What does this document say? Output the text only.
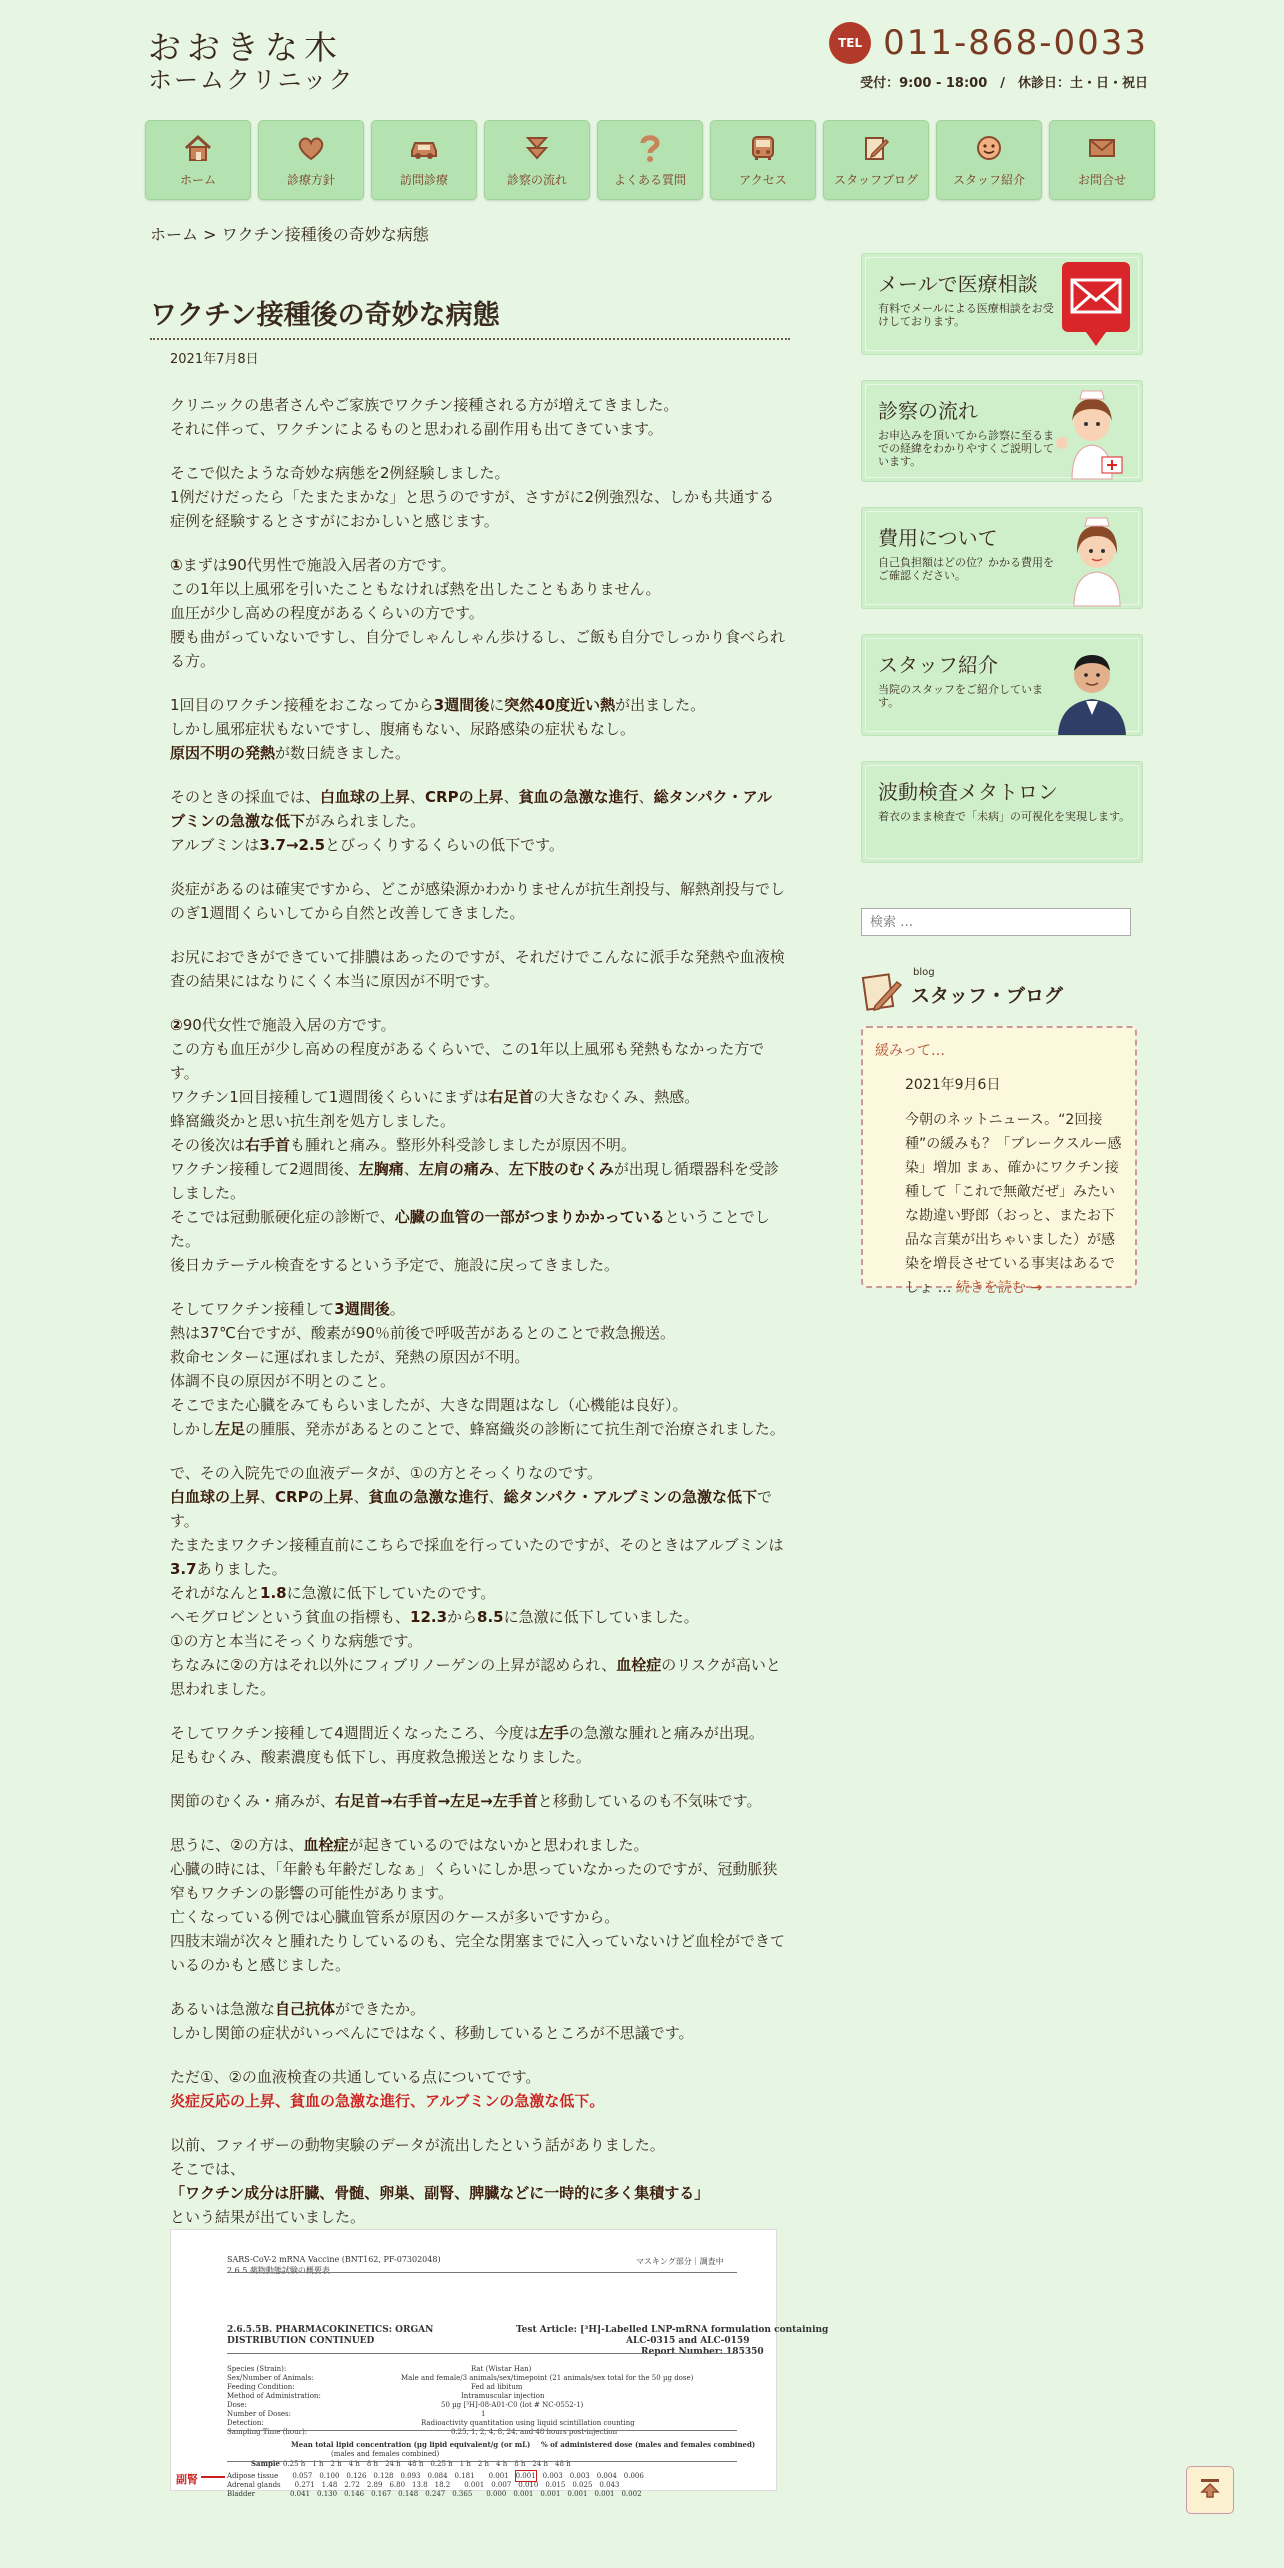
おおきな木
ホームクリニック
TEL 011-868-0033
受付：9:00 - 18:00　/　休診日：土・日・祝日
ホーム	診療方針	訪問診療	診察の流れ	よくある質問	アクセス	スタッフブログ	スタッフ紹介	お問合せ
ホーム > ワクチン接種後の奇妙な病態
ワクチン接種後の奇妙な病態
2021年7月8日

クリニックの患者さんやご家族でワクチン接種される方が増えてきました。
それに伴って、ワクチンによるものと思われる副作用も出てきています。

そこで似たような奇妙な病態を2例経験しました。
1例だけだったら「たまたまかな」と思うのですが、さすがに2例強烈な、しかも共通する症例を経験するとさすがにおかしいと感じます。

①まずは90代男性で施設入居者の方です。
この1年以上風邪を引いたこともなければ熱を出したこともありません。
血圧が少し高めの程度があるくらいの方です。
腰も曲がっていないですし、自分でしゃんしゃん歩けるし、ご飯も自分でしっかり食べられる方。

1回目のワクチン接種をおこなってから3週間後に突然40度近い熱が出ました。
しかし風邪症状もないですし、腹痛もない、尿路感染の症状もなし。
原因不明の発熱が数日続きました。

そのときの採血では、白血球の上昇、CRPの上昇、貧血の急激な進行、総タンパク・アルブミンの急激な低下がみられました。
アルブミンは3.7→2.5とびっくりするくらいの低下です。

炎症があるのは確実ですから、どこが感染源かわかりませんが抗生剤投与、解熱剤投与でしのぎ1週間くらいしてから自然と改善してきました。

お尻におできができていて排膿はあったのですが、それだけでこんなに派手な発熱や血液検査の結果にはなりにくく本当に原因が不明です。

②90代女性で施設入居の方です。
この方も血圧が少し高めの程度があるくらいで、この1年以上風邪も発熱もなかった方です。
ワクチン1回目接種して1週間後くらいにまずは右足首の大きなむくみ、熱感。
蜂窩織炎かと思い抗生剤を処方しました。
その後次は右手首も腫れと痛み。整形外科受診しましたが原因不明。
ワクチン接種して2週間後、左胸痛、左肩の痛み、左下肢のむくみが出現し循環器科を受診しました。
そこでは冠動脈硬化症の診断で、心臓の血管の一部がつまりかかっているということでした。
後日カテーテル検査をするという予定で、施設に戻ってきました。

そしてワクチン接種して3週間後。
熱は37℃台ですが、酸素が90％前後で呼吸苦があるとのことで救急搬送。
救命センターに運ばれましたが、発熱の原因が不明。
体調不良の原因が不明とのこと。
そこでまた心臓をみてもらいましたが、大きな問題はなし（心機能は良好）。
しかし左足の腫脹、発赤があるとのことで、蜂窩織炎の診断にて抗生剤で治療されました。

で、その入院先での血液データが、①の方とそっくりなのです。
白血球の上昇、CRPの上昇、貧血の急激な進行、総タンパク・アルブミンの急激な低下です。
たまたまワクチン接種直前にこちらで採血を行っていたのですが、そのときはアルブミンは3.7ありました。
それがなんと1.8に急激に低下していたのです。
ヘモグロビンという貧血の指標も、12.3から8.5に急激に低下していました。
①の方と本当にそっくりな病態です。
ちなみに②の方はそれ以外にフィブリノーゲンの上昇が認められ、血栓症のリスクが高いと思われました。

そしてワクチン接種して4週間近くなったころ、今度は左手の急激な腫れと痛みが出現。
足もむくみ、酸素濃度も低下し、再度救急搬送となりました。

関節のむくみ・痛みが、右足首→右手首→左足→左手首と移動しているのも不気味です。

思うに、②の方は、血栓症が起きているのではないかと思われました。
心臓の時には、「年齢も年齢だしなぁ」くらいにしか思っていなかったのですが、冠動脈狭窄もワクチンの影響の可能性があります。
亡くなっている例では心臓血管系が原因のケースが多いですから。
四肢末端が次々と腫れたりしているのも、完全な閉塞までに入っていないけど血栓ができているのかもと感じました。

あるいは急激な自己抗体ができたか。
しかし関節の症状がいっぺんにではなく、移動しているところが不思議です。

ただ①、②の血液検査の共通している点についてです。
炎症反応の上昇、貧血の急激な進行、アルブミンの急激な低下。

以前、ファイザーの動物実験のデータが流出したという話がありました。
そこでは、
「ワクチン成分は肝臓、骨髄、卵巣、副腎、脾臓などに一時的に多く集積する」
という結果が出ていました。

SARS-CoV-2 mRNA Vaccine (BNT162, PF-07302048)
2.6.5 薬物動態試験の概要表
マスキング部分｜調査中
2.6.5.5B. PHARMACOKINETICS: ORGAN
DISTRIBUTION CONTINUED
Test Article: [³H]-Labelled LNP-mRNA formulation containing
ALC-0315 and ALC-0159
Report Number: 185350
Species (Strain):	Rat (Wistar Han)
Sex/Number of Animals:	Male and female/3 animals/sex/timepoint (21 animals/sex total for the 50 µg dose)
Feeding Condition:	Fed ad libitum
Method of Administration:	Intramuscular injection
Dose:	50 µg [³H]-08-A01-C0 (lot # NC-0552-1)
Number of Doses:	1
Detection:	Radioactivity quantitation using liquid scintillation counting
Sampling Time (hour):	0.25, 1, 2, 4, 8, 24, and 48 hours post-injection
Mean total lipid concentration (µg lipid equivalent/g (or mL) % of administered dose (males and females combined)
(males and females combined)
Sample 0.25 h　1 h　2 h　4 h　8 h　24 h　48 h　0.25 h　1 h　2 h　4 h　8 h　24 h　48 h
Adipose tissue　　0.057　0.100　0.126　0.128　0.093　0.084　0.181　　0.001　0.001　0.003　0.003　0.004　0.006
Adrenal glands　　0.271　1.48　2.72　2.89　6.80　13.8　18.2　　0.001　0.007　0.010　0.015　0.025　0.043
Bladder　　　　　0.041　0.130　0.146　0.167　0.148　0.247　0.365　　0.000　0.001　0.001　0.001　0.001　0.002
副腎
メールで医療相談
有料でメールによる医療相談をお受けしております。
診察の流れ
お申込みを頂いてから診察に至るまでの経緯をわかりやすくご説明しています。
費用について
自己負担額はどの位？かかる費用をご確認ください。
スタッフ紹介
当院のスタッフをご紹介しています。
波動検査メタトロン
着衣のまま検査で「未病」の可視化を実現します。
検索 …
blog
スタッフ・ブログ
緩みって…
2021年9月6日
今朝のネットニュース。“2回接種”の緩みも？「ブレークスルー感染」増加 まぁ、確かにワクチン接種して「これで無敵だぜ」みたいな勘違い野郎（おっと、またお下品な言葉が出ちゃいました）が感染を増長させている事実はあるでしょ … 続きを読む →
